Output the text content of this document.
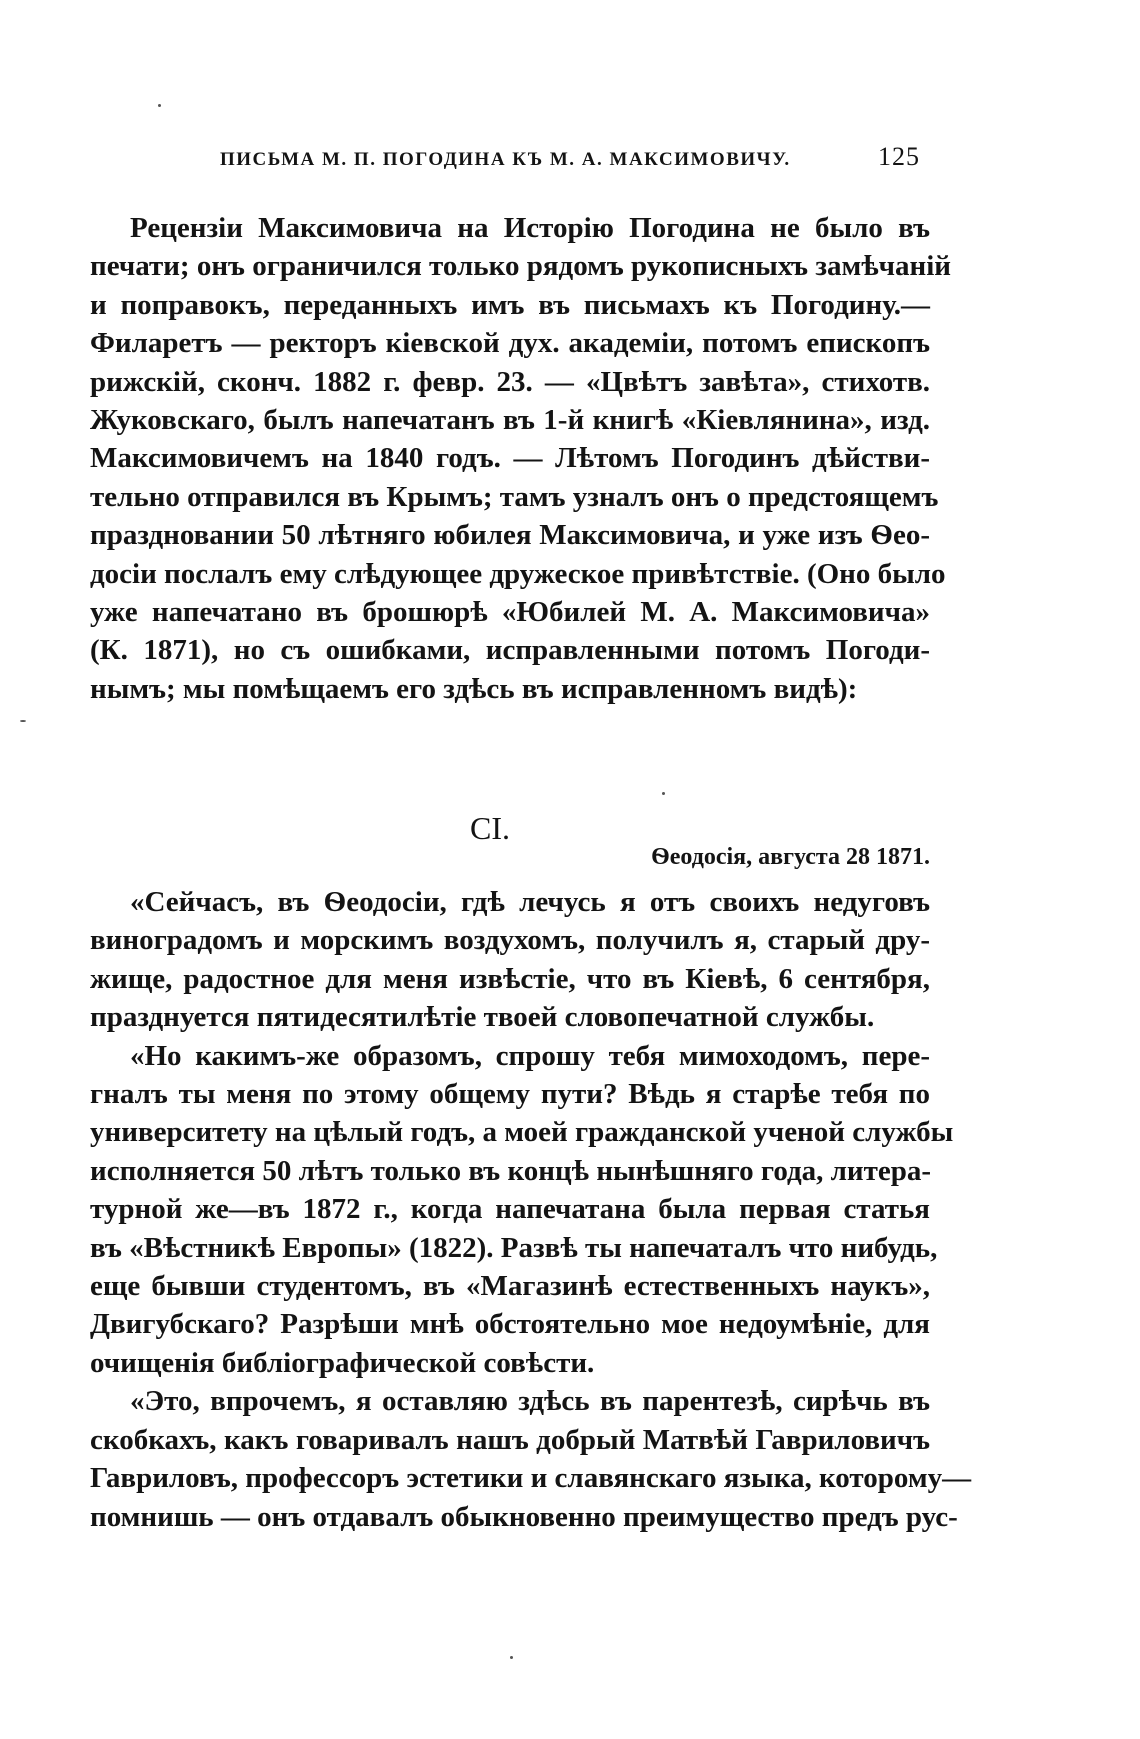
ПИСЬМА М. П. ПОГОДИНА КЪ М. А. МАКСИМОВИЧУ.	125
Рецензіи Максимовича на Исторію Погодина не было въ
печати; онъ ограничился только рядомъ рукописныхъ замѣчаній
и поправокъ, переданныхъ имъ въ письмахъ къ Погодину.—
Филаретъ — ректоръ кіевской дух. академіи, потомъ епископъ
рижскій, сконч. 1882 г. февр. 23. — «Цвѣтъ завѣта», стихотв.
Жуковскаго, былъ напечатанъ въ 1-й книгѣ «Кіевлянина», изд.
Максимовичемъ на 1840 годъ. — Лѣтомъ Погодинъ дѣйстви-
тельно отправился въ Крымъ; тамъ узналъ онъ о предстоящемъ
праздновании 50 лѣтняго юбилея Максимовича, и уже изъ Ѳео-
досіи послалъ ему слѣдующее дружеское привѣтствіе. (Оно было
уже напечатано въ брошюрѣ «Юбилей М. А. Максимовича»
(К. 1871), но съ ошибками, исправленными потомъ Погоди-
нымъ; мы помѣщаемъ его здѣсь въ исправленномъ видѣ):
CI.
Ѳеодосія, августа 28 1871.
«Сейчасъ, въ Ѳеодосіи, гдѣ лечусь я отъ своихъ недуговъ
виноградомъ и морскимъ воздухомъ, получилъ я, старый дру-
жище, радостное для меня извѣстіе, что въ Кіевѣ, 6 сентября,
празднуется пятидесятилѣтіе твоей словопечатной службы.
«Но какимъ-же образомъ, спрошу тебя мимоходомъ, пере-
гналъ ты меня по этому общему пути? Вѣдь я старѣе тебя по
университету на цѣлый годъ, а моей гражданской ученой службы
исполняется 50 лѣтъ только въ концѣ нынѣшняго года, литера-
турной же—въ 1872 г., когда напечатана была первая статья
въ «Вѣстникѣ Европы» (1822). Развѣ ты напечаталъ что нибудь,
еще бывши студентомъ, въ «Магазинѣ естественныхъ наукъ»,
Двигубскаго? Разрѣши мнѣ обстоятельно мое недоумѣніе, для
очищенія библіографической совѣсти.
«Это, впрочемъ, я оставляю здѣсь въ парентезѣ, сирѣчь въ
скобкахъ, какъ говаривалъ нашъ добрый Матвѣй Гавриловичъ
Гавриловъ, профессоръ эстетики и славянскаго языка, которому—
помнишь — онъ отдавалъ обыкновенно преимущество предъ рус-
